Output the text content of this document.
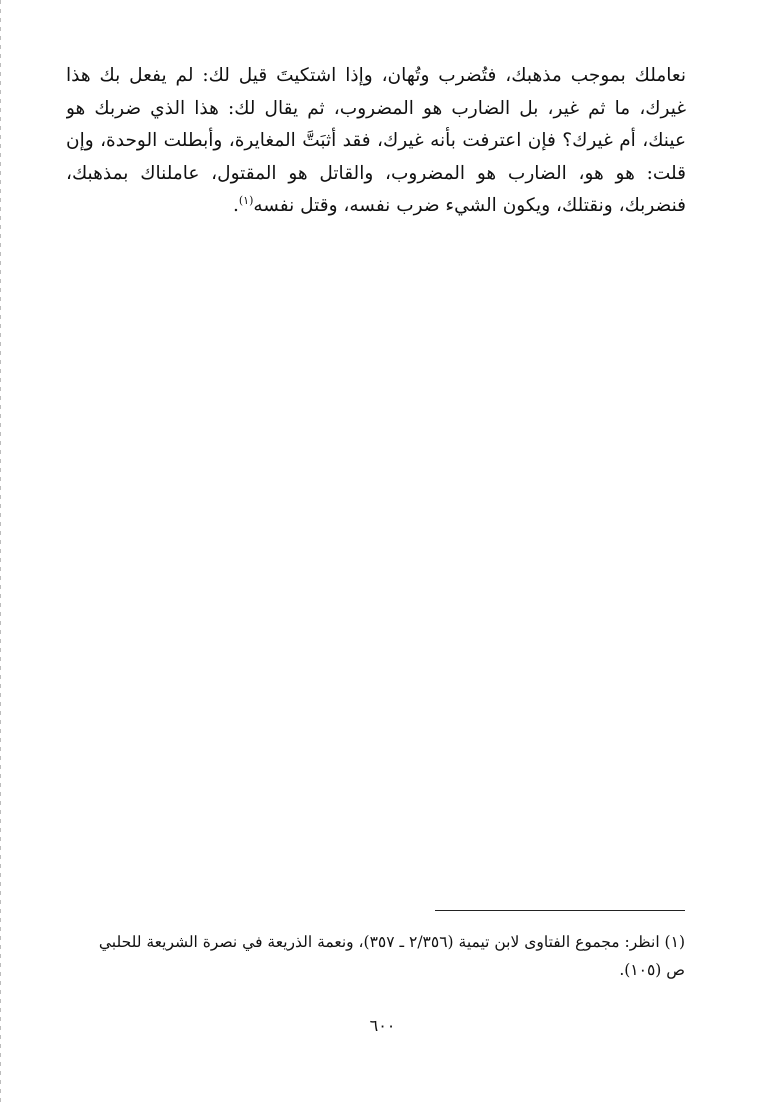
نعاملك بموجب مذهبك، فتُضرب وتُهان، وإذا اشتكيتَ قيل لك: لم يفعل بك هذا
غيرك، ما ثم غير، بل الضارب هو المضروب، ثم يقال لك: هذا الذي ضربك هو
عينك، أم غيرك؟ فإن اعترفت بأنه غيرك، فقد أثبَتَّ المغايرة، وأبطلت الوحدة، وإن
قلت: هو هو، الضارب هو المضروب، والقاتل هو المقتول، عاملناك بمذهبك،
فنضربك، ونقتلك، ويكون الشيء ضرب نفسه، وقتل نفسه$^{(١)}$.
(١) انظر: مجموع الفتاوى لابن تيمية (٢/٣٥٦ ـ ٣٥٧)، ونعمة الذريعة في نصرة الشريعة للحلبي
ص (١٠٥).
٦٠٠
